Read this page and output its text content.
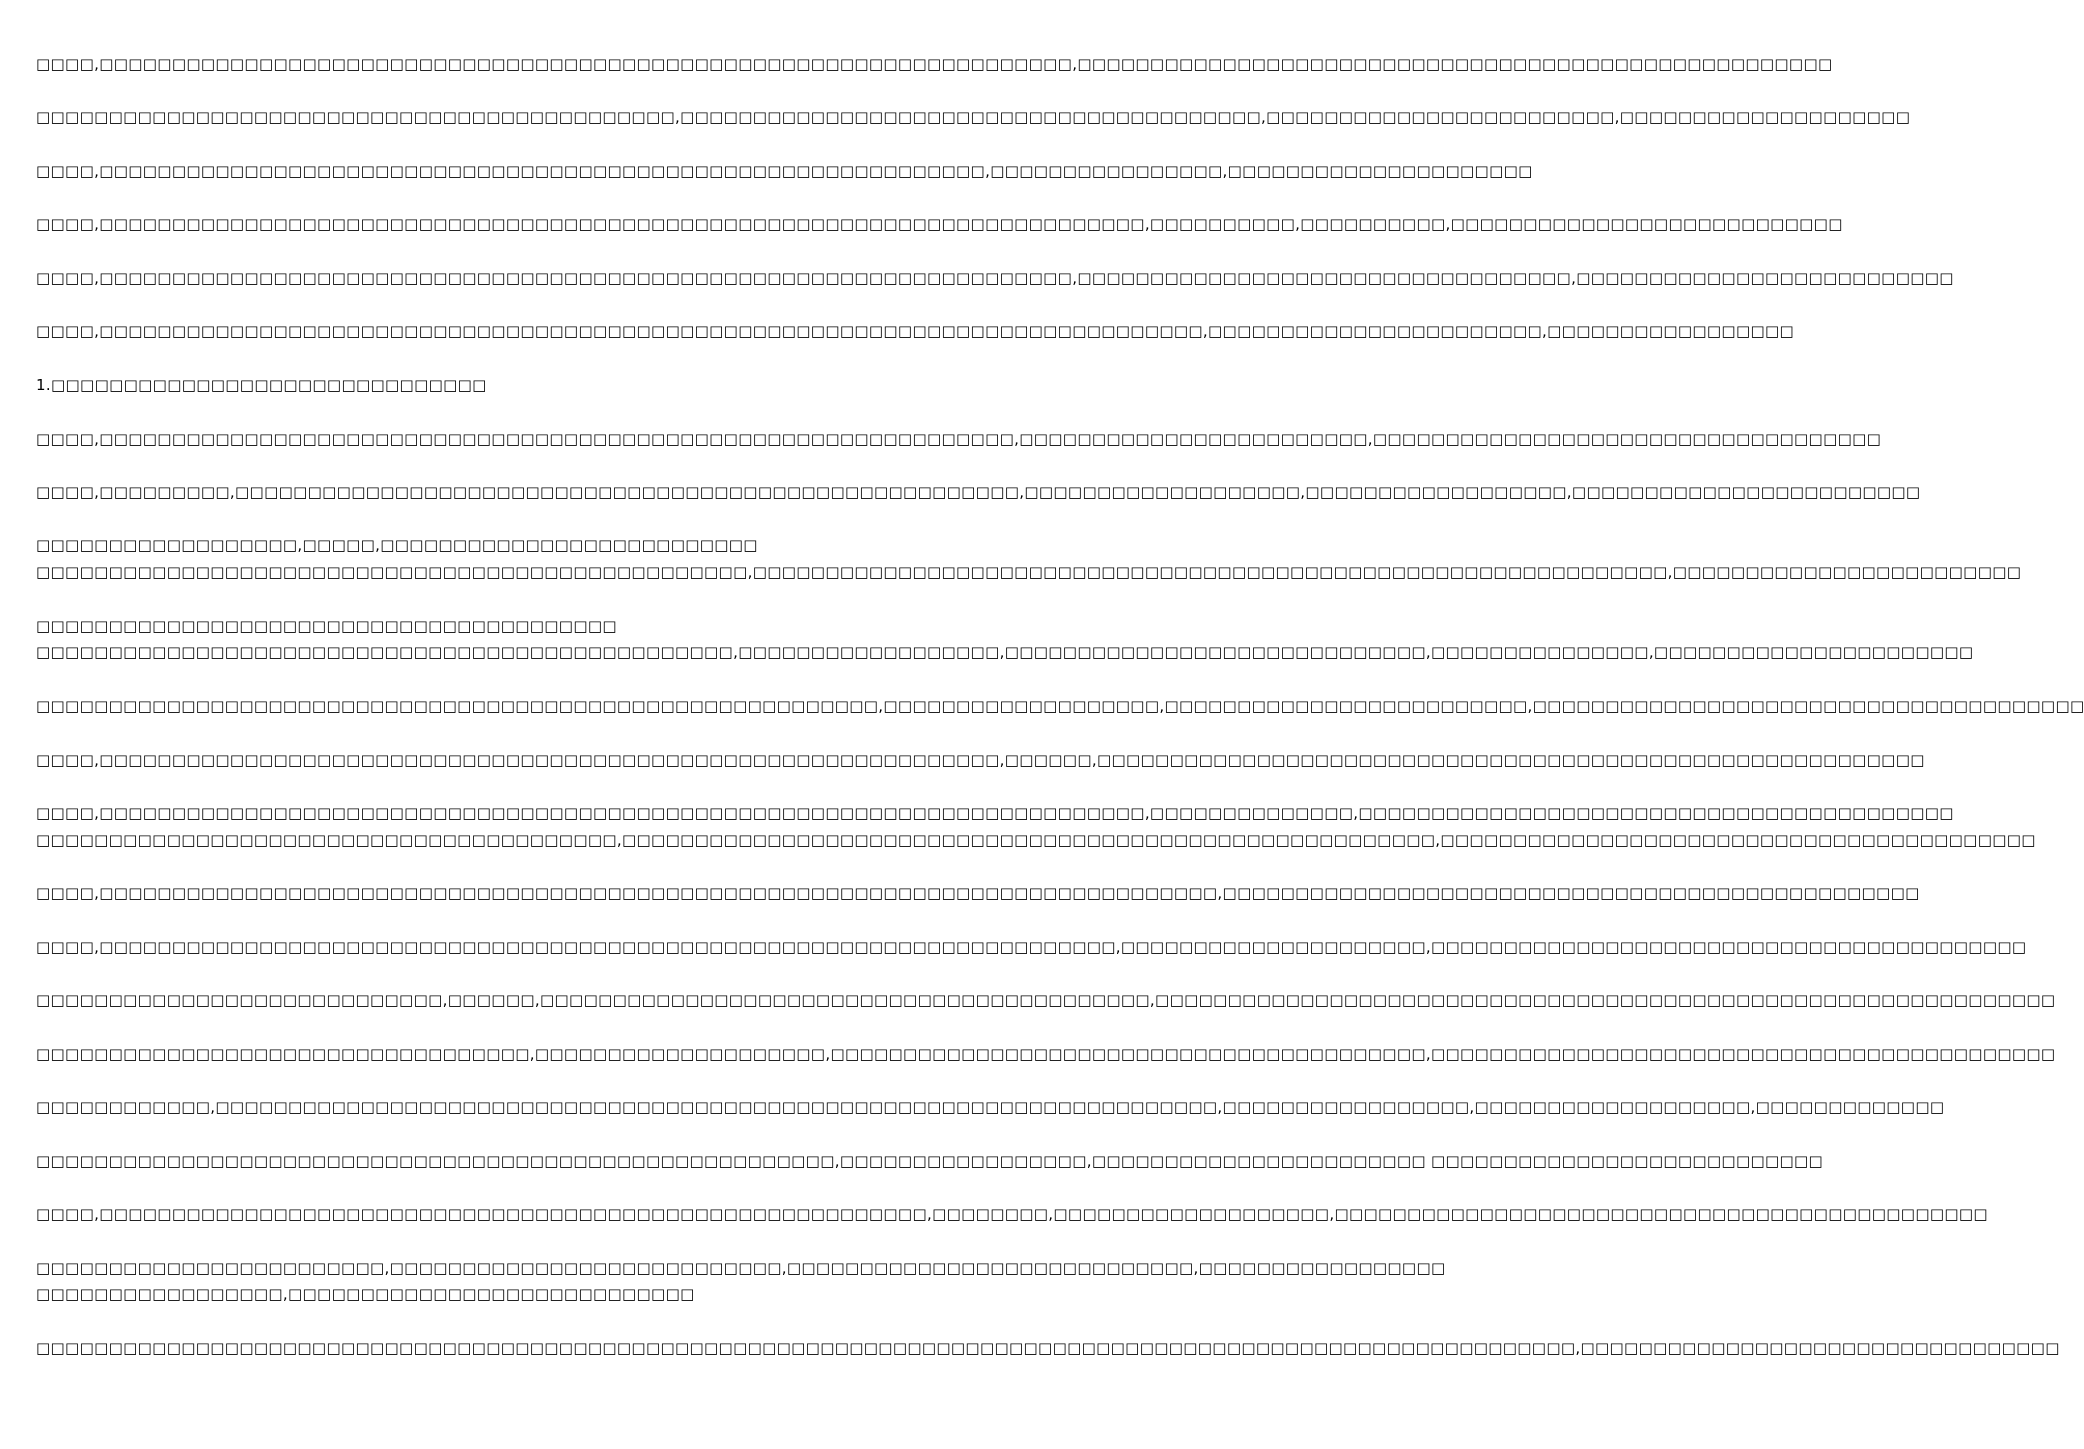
□□□□,□□□□□□□□□□□□□□□□□□□□□□□□□□□□□□□□□□□□□□□□□□□□□□□□□□□□□□□□□□□□□□□□□□□,□□□□□□□□□□□□□□□□□□□□□□□□□□□□□□□□□□□□□□□□□□□□□□□□□□□□
□□□□□□□□□□□□□□□□□□□□□□□□□□□□□□□□□□□□□□□□□□□□,□□□□□□□□□□□□□□□□□□□□□□□□□□□□□□□□□□□□□□□□,□□□□□□□□□□□□□□□□□□□□□□□□,□□□□□□□□□□□□□□□□□□□□
□□□□,□□□□□□□□□□□□□□□□□□□□□□□□□□□□□□□□□□□□□□□□□□□□□□□□□□□□□□□□□□□□□,□□□□□□□□□□□□□□□□,□□□□□□□□□□□□□□□□□□□□□
□□□□,□□□□□□□□□□□□□□□□□□□□□□□□□□□□□□□□□□□□□□□□□□□□□□□□□□□□□□□□□□□□□□□□□□□□□□□□,□□□□□□□□□□,□□□□□□□□□□,□□□□□□□□□□□□□□□□□□□□□□□□□□□
□□□□,□□□□□□□□□□□□□□□□□□□□□□□□□□□□□□□□□□□□□□□□□□□□□□□□□□□□□□□□□□□□□□□□□□□,□□□□□□□□□□□□□□□□□□□□□□□□□□□□□□□□□□,□□□□□□□□□□□□□□□□□□□□□□□□□□
□□□□,□□□□□□□□□□□□□□□□□□□□□□□□□□□□□□□□□□□□□□□□□□□□□□□□□□□□□□□□□□□□□□□□□□□□□□□□□□□□,□□□□□□□□□□□□□□□□□□□□□□□,□□□□□□□□□□□□□□□□□
1.□□□□□□□□□□□□□□□□□□□□□□□□□□□□□□
□□□□,□□□□□□□□□□□□□□□□□□□□□□□□□□□□□□□□□□□□□□□□□□□□□□□□□□□□□□□□□□□□□□□,□□□□□□□□□□□□□□□□□□□□□□□□,□□□□□□□□□□□□□□□□□□□□□□□□□□□□□□□□□□□
□□□□,□□□□□□□□□,□□□□□□□□□□□□□□□□□□□□□□□□□□□□□□□□□□□□□□□□□□□□□□□□□□□□□□,□□□□□□□□□□□□□□□□□□□,□□□□□□□□□□□□□□□□□□,□□□□□□□□□□□□□□□□□□□□□□□□
□□□□□□□□□□□□□□□□□□,□□□□□,□□□□□□□□□□□□□□□□□□□□□□□□□□
□□□□□□□□□□□□□□□□□□□□□□□□□□□□□□□□□□□□□□□□□□□□□□□□□,□□□□□□□□□□□□□□□□□□□□□□□□□□□□□□□□□□□□□□□□□□□□□□□□□□□□□□□□□□□□□□□,□□□□□□□□□□□□□□□□□□□□□□□□
□□□□□□□□□□□□□□□□□□□□□□□□□□□□□□□□□□□□□□□□
□□□□□□□□□□□□□□□□□□□□□□□□□□□□□□□□□□□□□□□□□□□□□□□□,□□□□□□□□□□□□□□□□□□,□□□□□□□□□□□□□□□□□□□□□□□□□□□□□,□□□□□□□□□□□□□□□,□□□□□□□□□□□□□□□□□□□□□□
□□□□□□□□□□□□□□□□□□□□□□□□□□□□□□□□□□□□□□□□□□□□□□□□□□□□□□□□□□,□□□□□□□□□□□□□□□□□□□,□□□□□□□□□□□□□□□□□□□□□□□□□,□□□□□□□□□□□□□□□□□□□□□□□□□□□□□□□□□□□□□□
□□□□,□□□□□□□□□□□□□□□□□□□□□□□□□□□□□□□□□□□□□□□□□□□□□□□□□□□□□□□□□□□□□□,□□□□□□,□□□□□□□□□□□□□□□□□□□□□□□□□□□□□□□□□□□□□□□□□□□□□□□□□□□□□□□□□
□□□□,□□□□□□□□□□□□□□□□□□□□□□□□□□□□□□□□□□□□□□□□□□□□□□□□□□□□□□□□□□□□□□□□□□□□□□□□,□□□□□□□□□□□□□□,□□□□□□□□□□□□□□□□□□□□□□□□□□□□□□□□□□□□□□□□□
□□□□□□□□□□□□□□□□□□□□□□□□□□□□□□□□□□□□□□□□,□□□□□□□□□□□□□□□□□□□□□□□□□□□□□□□□□□□□□□□□□□□□□□□□□□□□□□□□,□□□□□□□□□□□□□□□□□□□□□□□□□□□□□□□□□□□□□□□□□
□□□□,□□□□□□□□□□□□□□□□□□□□□□□□□□□□□□□□□□□□□□□□□□□□□□□□□□□□□□□□□□□□□□□□□□□□□□□□□□□□□,□□□□□□□□□□□□□□□□□□□□□□□□□□□□□□□□□□□□□□□□□□□□□□□□
□□□□,□□□□□□□□□□□□□□□□□□□□□□□□□□□□□□□□□□□□□□□□□□□□□□□□□□□□□□□□□□□□□□□□□□□□□□,□□□□□□□□□□□□□□□□□□□□□,□□□□□□□□□□□□□□□□□□□□□□□□□□□□□□□□□□□□□□□□□
□□□□□□□□□□□□□□□□□□□□□□□□□□□□,□□□□□□,□□□□□□□□□□□□□□□□□□□□□□□□□□□□□□□□□□□□□□□□□□,□□□□□□□□□□□□□□□□□□□□□□□□□□□□□□□□□□□□□□□□□□□□□□□□□□□□□□□□□□□□□□
□□□□□□□□□□□□□□□□□□□□□□□□□□□□□□□□□□,□□□□□□□□□□□□□□□□□□□□,□□□□□□□□□□□□□□□□□□□□□□□□□□□□□□□□□□□□□□□□□,□□□□□□□□□□□□□□□□□□□□□□□□□□□□□□□□□□□□□□□□□□□
□□□□□□□□□□□□,□□□□□□□□□□□□□□□□□□□□□□□□□□□□□□□□□□□□□□□□□□□□□□□□□□□□□□□□□□□□□□□□□□□□□,□□□□□□□□□□□□□□□□□,□□□□□□□□□□□□□□□□□□□,□□□□□□□□□□□□□
□□□□□□□□□□□□□□□□□□□□□□□□□□□□□□□□□□□□□□□□□□□□□□□□□□□□□□□,□□□□□□□□□□□□□□□□□,□□□□□□□□□□□□□□□□□□□□□□□ □□□□□□□□□□□□□□□□□□□□□□□□□□□
□□□□,□□□□□□□□□□□□□□□□□□□□□□□□□□□□□□□□□□□□□□□□□□□□□□□□□□□□□□□□□,□□□□□□□□,□□□□□□□□□□□□□□□□□□□,□□□□□□□□□□□□□□□□□□□□□□□□□□□□□□□□□□□□□□□□□□□□□
□□□□□□□□□□□□□□□□□□□□□□□□,□□□□□□□□□□□□□□□□□□□□□□□□□□□,□□□□□□□□□□□□□□□□□□□□□□□□□□□□,□□□□□□□□□□□□□□□□□
□□□□□□□□□□□□□□□□□,□□□□□□□□□□□□□□□□□□□□□□□□□□□□
□□□□□□□□□□□□□□□□□□□□□□□□□□□□□□□□□□□□□□□□□□□□□□□□□□□□□□□□□□□□□□□□□□□□□□□□□□□□□□□□□□□□□□□□□□□□□□□□□□□□□□□□□□,□□□□□□□□□□□□□□□□□□□□□□□□□□□□□□□□□
